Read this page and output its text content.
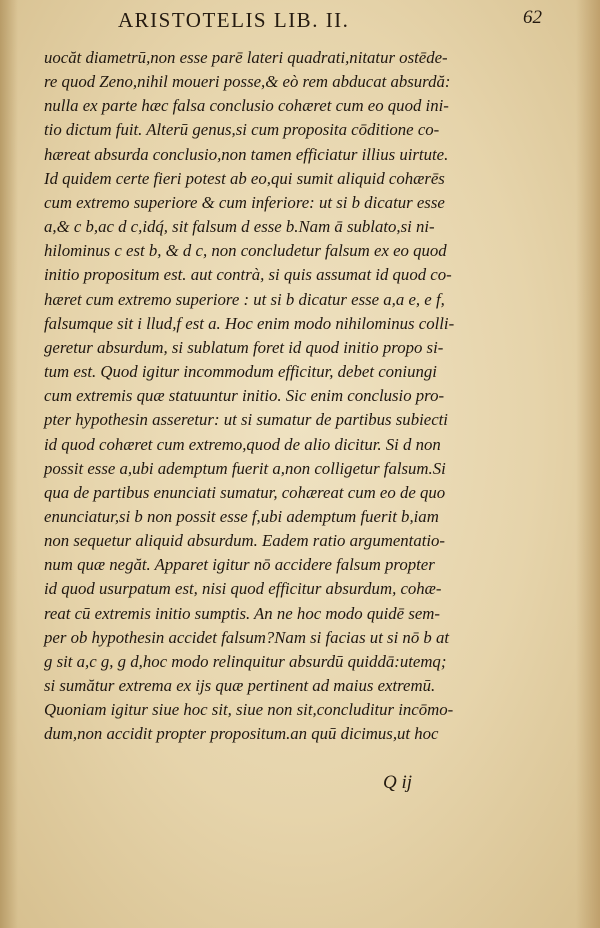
ARISTOTELIS LIB. II.	62
uocăt diametrū,non esse parē lateri quadrati,nitatur ostēde-
re quod Zeno,nihil moueri posse,& eò rem abducat absurdă:
nulla ex parte hæc falsa conclusio cohæret cum eo quod ini-
tio dictum fuit. Alterū genus,si cum proposita cōditione co-
hæreat absurda conclusio,non tamen efficiatur illius uirtute.
Id quidem certe fieri potest ab eo,qui sumit aliquid cohærēs
cum extremo superiore & cum inferiore: ut si b dicatur esse
a,& c b,ac d c,idq́, sit falsum d esse b.Nam ā sublato,si ni-
hilominus c est b, & d c, non concludetur falsum ex eo quod
initio propositum est. aut contrà, si quis assumat id quod co-
hæret cum extremo superiore : ut si b dicatur esse a,a e, e f,
falsumque sit i llud,f est a. Hoc enim modo nihilominus colli-
geretur absurdum, si sublatum foret id quod initio propo si-
tum est. Quod igitur incommodum efficitur, debet coniungi
cum extremis quæ statuuntur initio. Sic enim conclusio pro-
pter hypothesin asseretur: ut si sumatur de partibus subiecti
id quod cohæret cum extremo,quod de alio dicitur. Si d non
possit esse a,ubi ademptum fuerit a,non colligetur falsum.Si
qua de partibus enunciati sumatur, cohæreat cum eo de quo
enunciatur,si b non possit esse f,ubi ademptum fuerit b,iam
non sequetur aliquid absurdum. Eadem ratio argumentatio-
num quæ negăt. Apparet igitur nō accidere falsum propter
id quod usurpatum est, nisi quod efficitur absurdum, cohæ-
reat cū extremis initio sumptis. An ne hoc modo quidē sem-
per ob hypothesin accidet falsum?Nam si facias ut si nō b at
g sit a,c g, g d,hoc modo relinquitur absurdū quiddā:utemq;
si sumătur extrema ex ijs quæ pertinent ad maius extremū.
Quoniam igitur siue hoc sit, siue non sit,concluditur incōmo-
dum,non accidit propter propositum.an quū dicimus,ut hoc
Q ij
